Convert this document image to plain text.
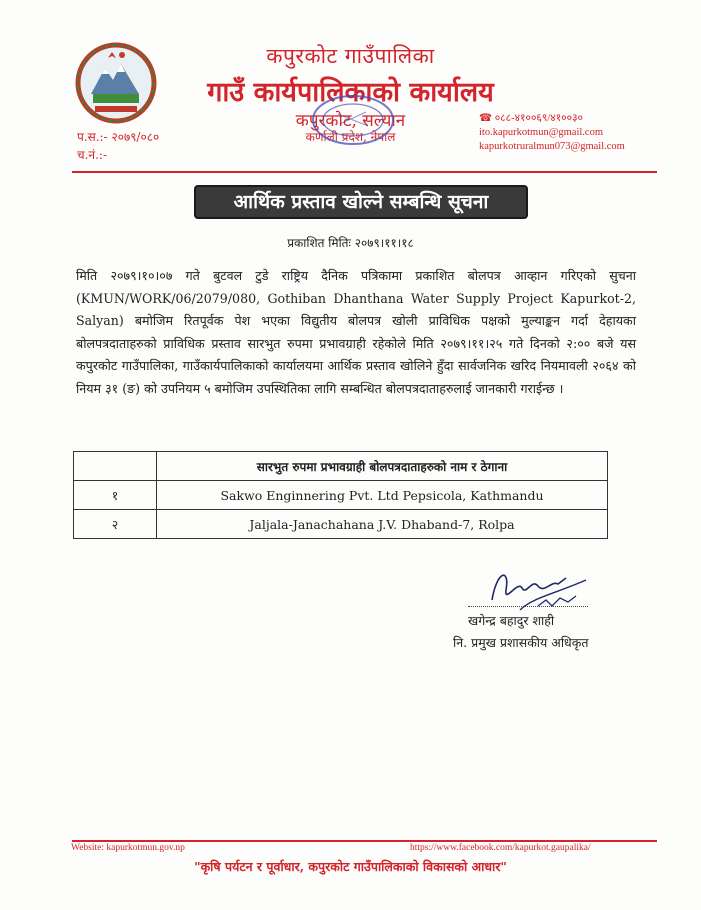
कपुरकोट गाउँपालिका
गाउँ कार्यपालिकाको कार्यालय
कपुरकोट, सल्यान
कर्णाली प्रदेश, नेपाल
प.स.:- २०७९/०८०
च.नं.:-
☎ ०८८-४१००६९/४१००३०
ito.kapurkotmun@gmail.com
kapurkotruralmun073@gmail.com
आर्थिक प्रस्ताव खोल्ने सम्बन्धि सूचना
प्रकाशित मितिः २०७९।११।१८
मिति २०७९।१०।०७ गते बुटवल टुडे राष्ट्रिय दैनिक पत्रिकामा प्रकाशित बोलपत्र आव्हान गरिएको सुचना (KMUN/WORK/06/2079/080, Gothiban Dhanthana Water Supply Project Kapurkot-2, Salyan) बमोजिम रितपूर्वक पेश भएका विद्युतीय बोलपत्र खोली प्राविधिक पक्षको मुल्याङ्कन गर्दा देहायका बोलपत्रदाताहरुको प्राविधिक प्रस्ताव सारभुत रुपमा प्रभावग्राही रहेकोले मिति २०७९।११।२५ गते दिनको २:०० बजे यस कपुरकोट गाउँपालिका, गाउँकार्यपालिकाको कार्यालयमा आर्थिक प्रस्ताव खोलिने हुँदा सार्वजनिक खरिद नियमावली २०६४ को नियम ३१ (ङ) को उपनियम ५ बमोजिम उपस्थितिका लागि सम्बन्धित बोलपत्रदाताहरुलाई जानकारी गराईन्छ ।
	सारभुत रुपमा प्रभावग्राही बोलपत्रदाताहरुको नाम र ठेगाना
१	Sakwo Enginnering Pvt. Ltd Pepsicola, Kathmandu
२	Jaljala-Janachahana J.V. Dhaband-7, Rolpa
खगेन्द्र बहादुर शाही
नि. प्रमुख प्रशासकीय अधिकृत
Website: kapurkotmun.gov.np	https://www.facebook.com/kapurkot.gaupalika/
"कृषि पर्यटन र पूर्वाधार, कपुरकोट गाउँपालिकाको विकासको आधार"
